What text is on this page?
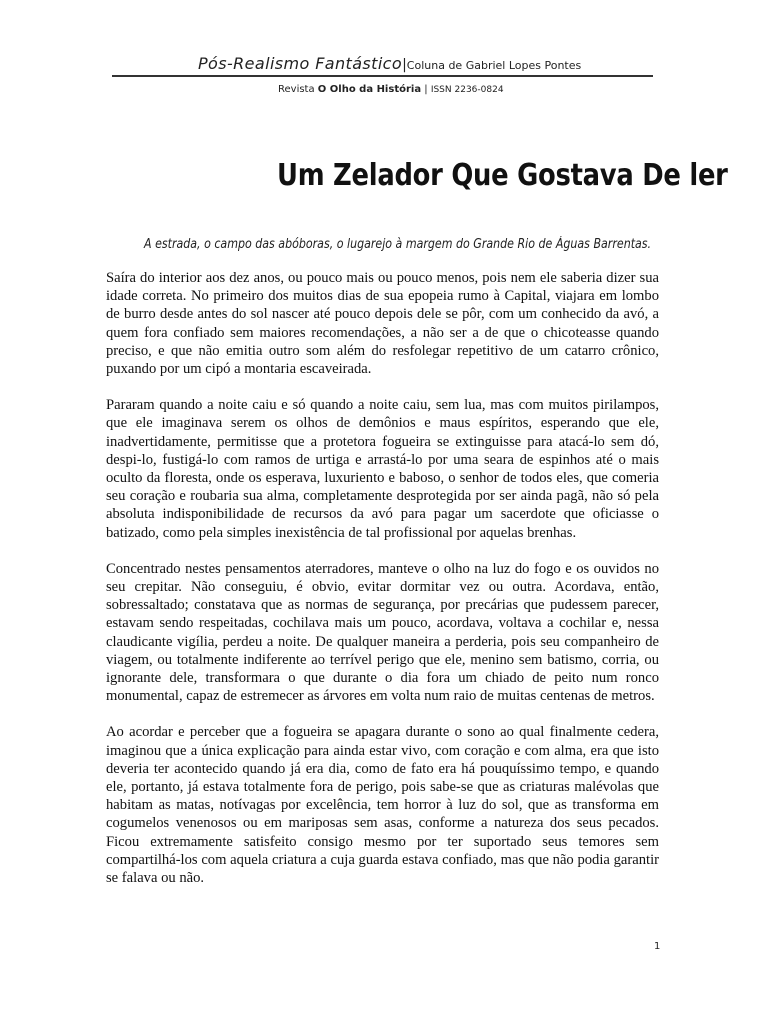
Pós-Realismo Fantástico|Coluna de Gabriel Lopes Pontes
Revista O Olho da História | ISSN 2236-0824
Um Zelador Que Gostava De ler
A estrada, o campo das abóboras, o lugarejo à margem do Grande Rio de Águas Barrentas.

Saíra do interior aos dez anos, ou pouco mais ou pouco menos, pois nem ele saberia dizer sua idade correta. No primeiro dos muitos dias de sua epopeia rumo à Capital, viajara em lombo de burro desde antes do sol nascer até pouco depois dele se pôr, com um conhecido da avó, a quem fora confiado sem maiores recomendações, a não ser a de que o chicoteasse quando preciso, e que não emitia outro som além do resfolegar repetitivo de um catarro crônico, puxando por um cipó a montaria escaveirada.

Pararam quando a noite caiu e só quando a noite caiu, sem lua, mas com muitos pirilampos, que ele imaginava serem os olhos de demônios e maus espíritos, esperando que ele, inadvertidamente, permitisse que a protetora fogueira se extinguisse para atacá-lo sem dó, despi-lo, fustigá-lo com ramos de urtiga e arrastá-lo por uma seara de espinhos até o mais oculto da floresta, onde os esperava, luxuriento e baboso, o senhor de todos eles, que comeria seu coração e roubaria sua alma, completamente desprotegida por ser ainda pagã, não só pela absoluta indisponibilidade de recursos da avó para pagar um sacerdote que oficiasse o batizado, como pela simples inexistência de tal profissional por aquelas brenhas.

Concentrado nestes pensamentos aterradores, manteve o olho na luz do fogo e os ouvidos no seu crepitar. Não conseguiu, é obvio, evitar dormitar vez ou outra. Acordava, então, sobressaltado; constatava que as normas de segurança, por precárias que pudessem parecer, estavam sendo respeitadas, cochilava mais um pouco, acordava, voltava a cochilar e, nessa claudicante vigília, perdeu a noite. De qualquer maneira a perderia, pois seu companheiro de viagem, ou totalmente indiferente ao terrível perigo que ele, menino sem batismo, corria, ou ignorante dele, transformara o que durante o dia fora um chiado de peito num ronco monumental, capaz de estremecer as árvores em volta num raio de muitas centenas de metros.

Ao acordar e perceber que a fogueira se apagara durante o sono ao qual finalmente cedera, imaginou que a única explicação para ainda estar vivo, com coração e com alma, era que isto deveria ter acontecido quando já era dia, como de fato era há pouquíssimo tempo, e quando ele, portanto, já estava totalmente fora de perigo, pois sabe-se que as criaturas malévolas que habitam as matas, notívagas por excelência, tem horror à luz do sol, que as transforma em cogumelos venenosos ou em mariposas sem asas, conforme a natureza dos seus pecados. Ficou extremamente satisfeito consigo mesmo por ter suportado seus temores sem compartilhá-los com aquela criatura a cuja guarda estava confiado, mas que não podia garantir se falava ou não.

1
